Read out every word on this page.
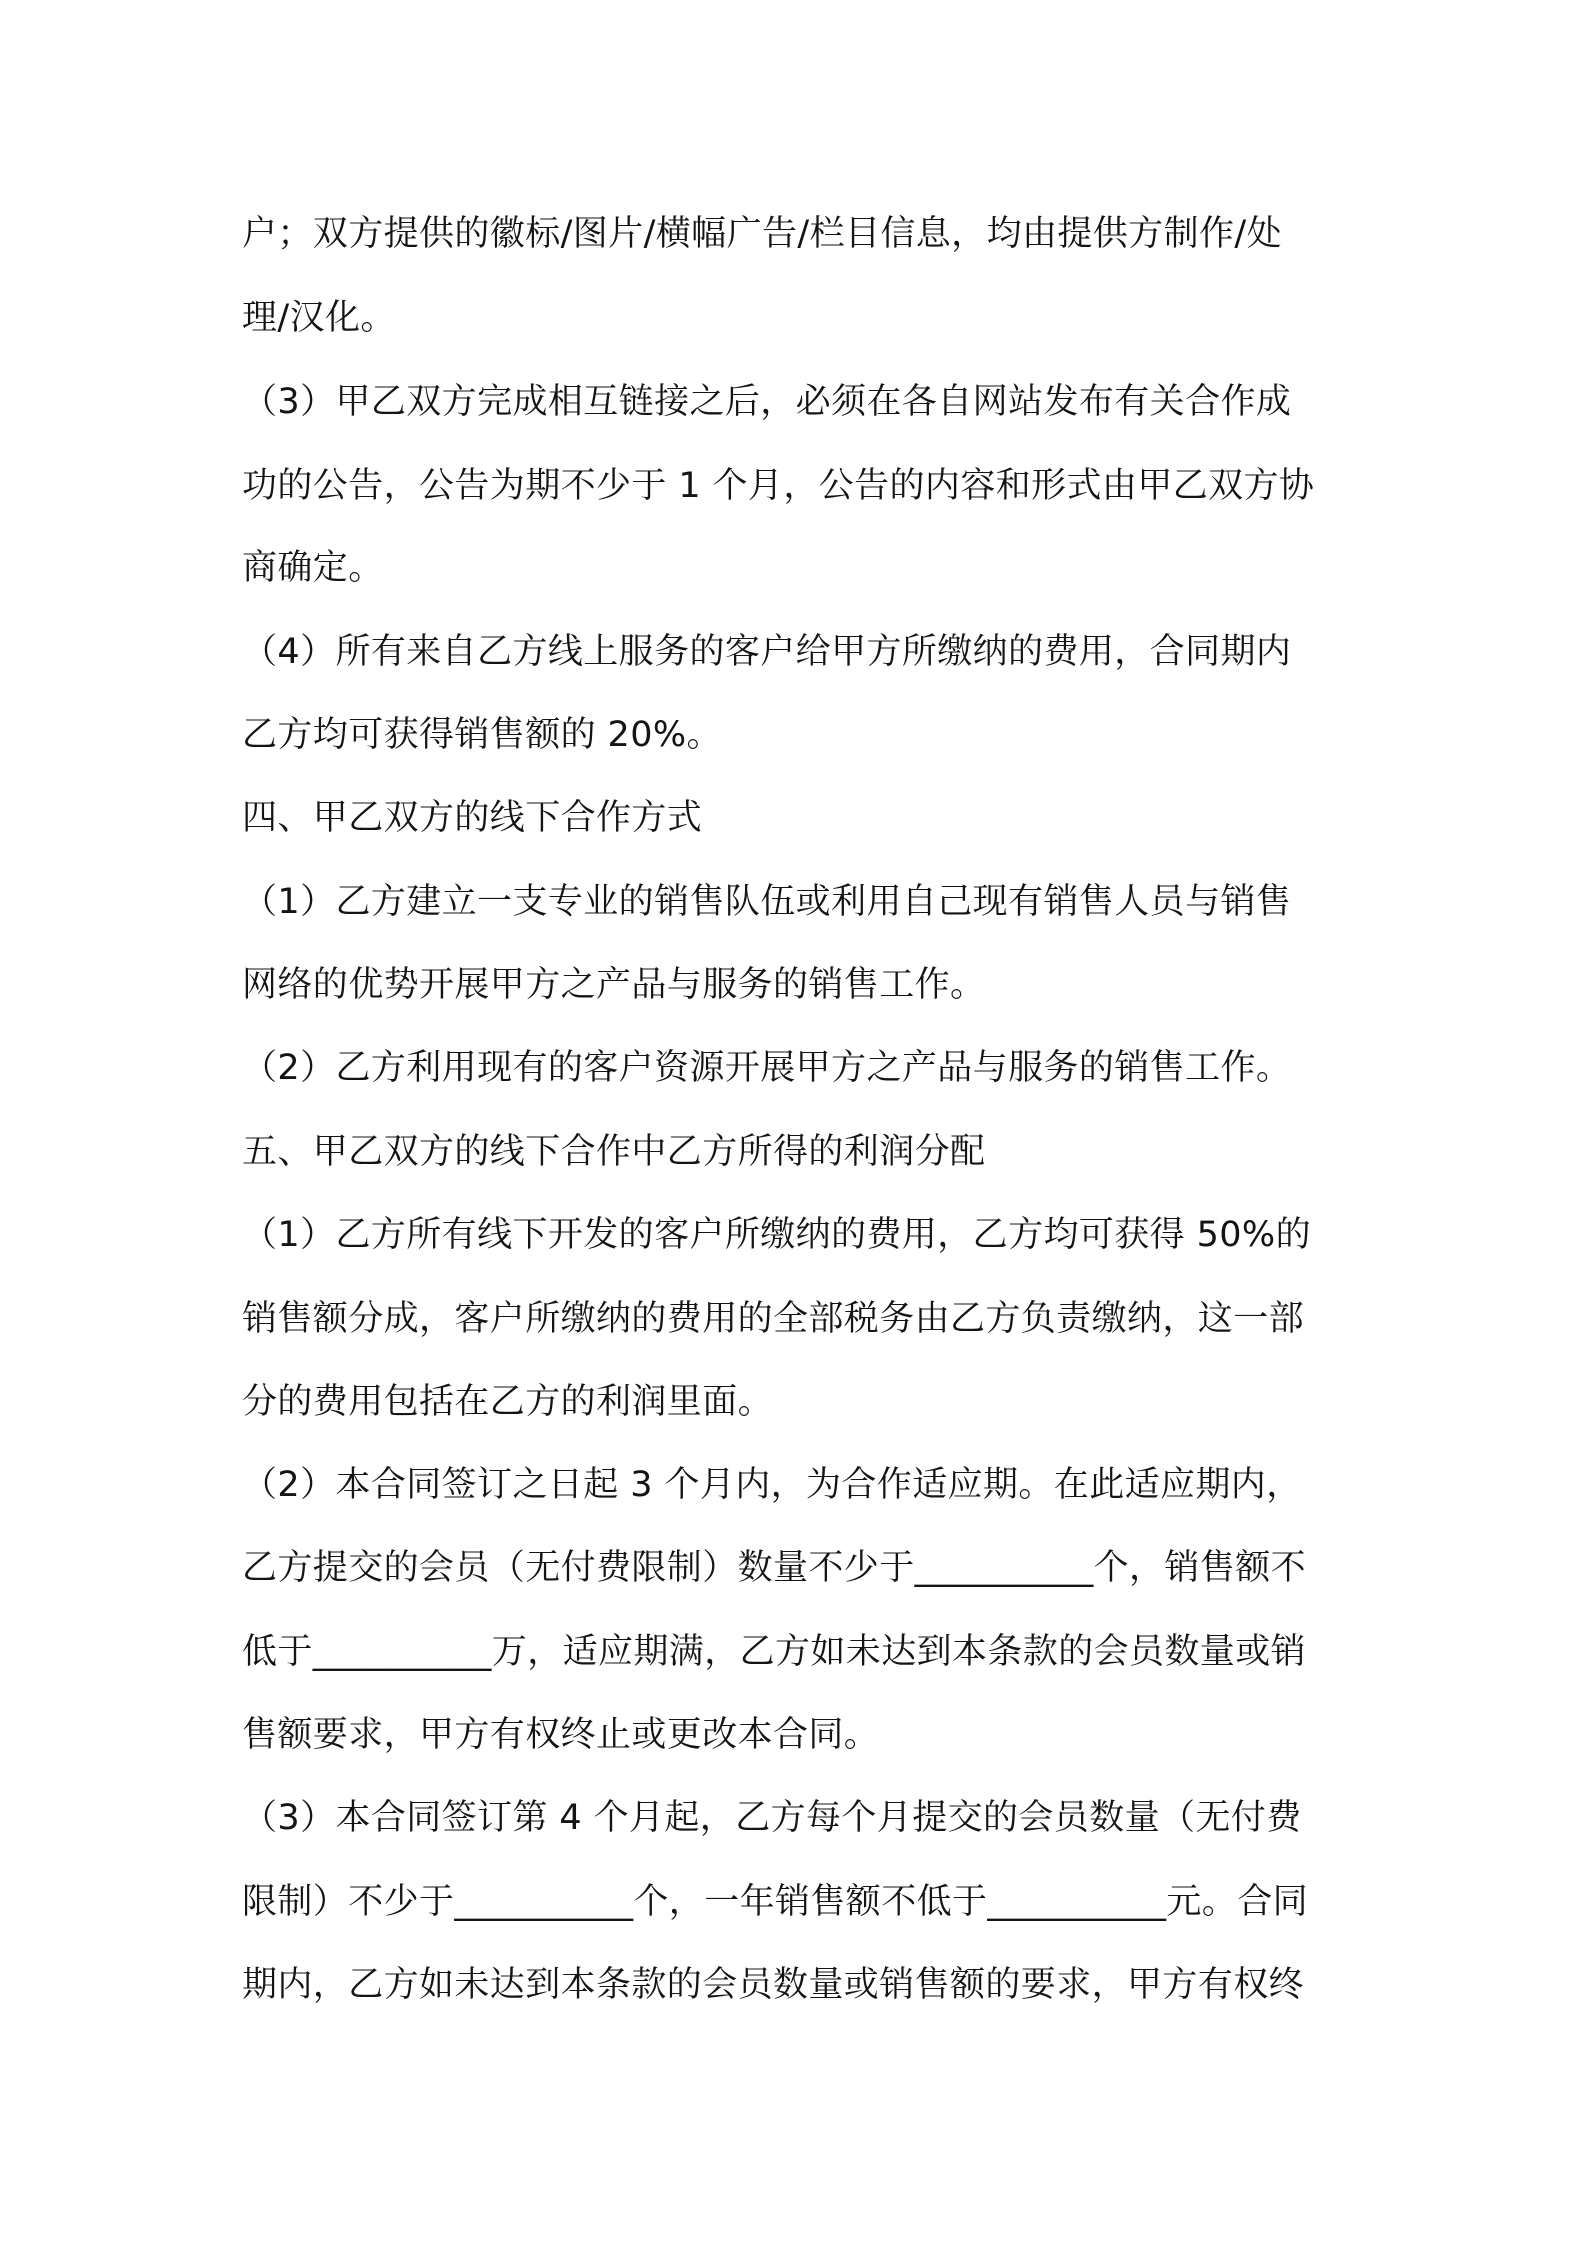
户；双方提供的徽标/图片/横幅广告/栏目信息，均由提供方制作/处
理/汉化。
（3）甲乙双方完成相互链接之后，必须在各自网站发布有关合作成
功的公告，公告为期不少于 1 个月，公告的内容和形式由甲乙双方协
商确定。
（4）所有来自乙方线上服务的客户给甲方所缴纳的费用，合同期内
乙方均可获得销售额的 20%。
四、甲乙双方的线下合作方式
（1）乙方建立一支专业的销售队伍或利用自己现有销售人员与销售
网络的优势开展甲方之产品与服务的销售工作。
（2）乙方利用现有的客户资源开展甲方之产品与服务的销售工作。
五、甲乙双方的线下合作中乙方所得的利润分配
（1）乙方所有线下开发的客户所缴纳的费用，乙方均可获得 50%的
销售额分成，客户所缴纳的费用的全部税务由乙方负责缴纳，这一部
分的费用包括在乙方的利润里面。
（2）本合同签订之日起 3 个月内，为合作适应期。在此适应期内，
乙方提交的会员（无付费限制）数量不少于__________个，销售额不
低于__________万，适应期满，乙方如未达到本条款的会员数量或销
售额要求，甲方有权终止或更改本合同。
（3）本合同签订第 4 个月起，乙方每个月提交的会员数量（无付费
限制）不少于__________个，一年销售额不低于__________元。合同
期内，乙方如未达到本条款的会员数量或销售额的要求，甲方有权终
